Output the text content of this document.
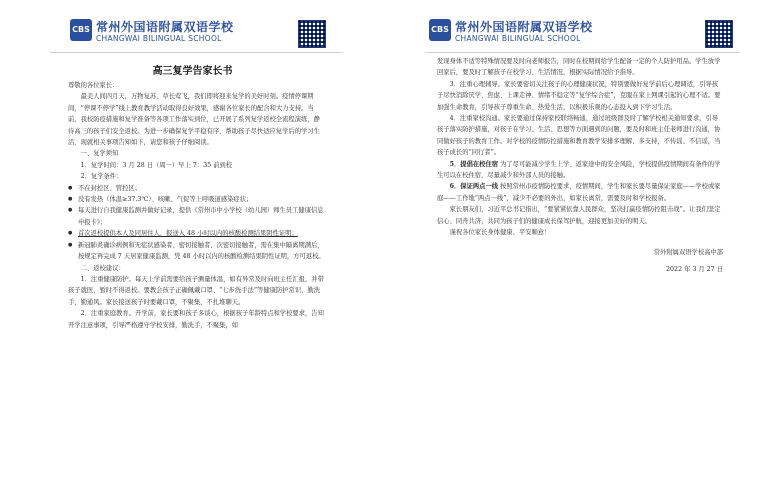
CBS 常州外国语附属双语学校
CHANGWAI BILINGUAL SCHOOL
高三复学告家长书

尊敬的各位家长：

最美人间四月天，万物复苏，草长莺飞，我们即将迎来复学的美好时刻。疫情停课期间，“停课不停学”线上教育教学活动取得良好效果，感谢各位家长的配合和大力支持。当前，我校防疫措施和复学准备等各项工作落实到位，已开展了系列复学返校全流程演练，静待高三的孩子们安全返校。为进一步确保复学平稳有序，帮助孩子尽快适应复学后的学习生活，现就相关事项告知如下，请您和孩子仔细阅读。

一、复学须知

1．复学时间：3 月 28 日（周一）早上 7：35 前到校

2．复学条件：

● 不在封控区、管控区；

● 没有发热（体温≥37.3℃）、咳嗽、气促等上呼吸道感染症状；

● 每天进行自我健康监测并做好记录，提供《常州市中小学校（幼儿园）师生员工健康信息申报卡》；

● 首次返校提供本人及同居住人，报送入 48 小时以内的核酸检测结果阴性证明；

● 新冠肺炎确诊病例和无症状感染者、密切接触者、次密切接触者，需在集中隔离期满后，按规定再完成 7 天居家健康监测，凭 48 小时以内的核酸检测结果阴性证明，方可返校。

二、返校建议：

1．注重健康防护。每天上学前需要给孩子测量体温，如有异常及时向班主任汇报，并带孩子就医，暂时不得返校。要教会孩子正确佩戴口罩、“七步洗手法”等健康防护常识，勤洗手、勤通风。家长接送孩子时要戴口罩，不聚集，不扎堆聊天。

2．注重家庭教育。开学前，家长要和孩子多谈心，根据孩子年龄特点和学校要求，告知开学注意事项，引导严格遵守学校安排，勤洗手，不聚集，如

CBS 常州外国语附属双语学校
CHANGWAI BILINGUAL SCHOOL

发现身体不适等特殊情况要及时向老师报告，同时在校期间给学生配备一定的个人防护用品。学生放学回家后，要及时了解孩子在校学习、生活情况，根据实际情况给予指导。

3．注重心理辅导。家长要密切关注孩子的心理健康状况，特别要做好复学前后心理调适，引导孩子尽快消除厌学、焦虑、上课走神、情绪不稳定等“复学综合症”，克服在家上网课引起的心理不适。要加强生命教育，引导孩子尊重生命、热爱生活，以积极乐观的心态投入到下学习生活。

4．注重家校沟通。家长要通过保持家校联络畅通，通过班级群及时了解学校相关通知要求，引导孩子落实防护措施，对孩子在学习、生活、思想等方面遇到的问题，要及时和班主任老师进行沟通，协同做好孩子的教育工作。对学校的疫情防控措施和教育教学安排多理解、多支持，不传谣、不信谣，当孩子成长的“同行者”。

5．提倡在校住宿 为了尽可能减少学生上学、返家途中的安全风险，学校提倡疫情期间有条件的学生可以在校住宿，尽量减少和外部人员的接触。

6．保证两点一线 按照常州市疫情防控要求，疫情期间，学生和家长要尽量保证家庭——学校或家庭——工作地“两点一线”，减少不必要的外出，如家长离常，需要及时和学校报备。

家长朋友们，习近平总书记指出，“要紧紧依靠人民群众，坚决打赢疫情防控阻击战”。让我们坚定信心、同舟共济，共同为孩子们的健康成长保驾护航，迎接更加美好的明天。

谨祝各位家长身体健康、平安顺意！

常外附属双语学校高中部

2022 年 3 月 27 日
